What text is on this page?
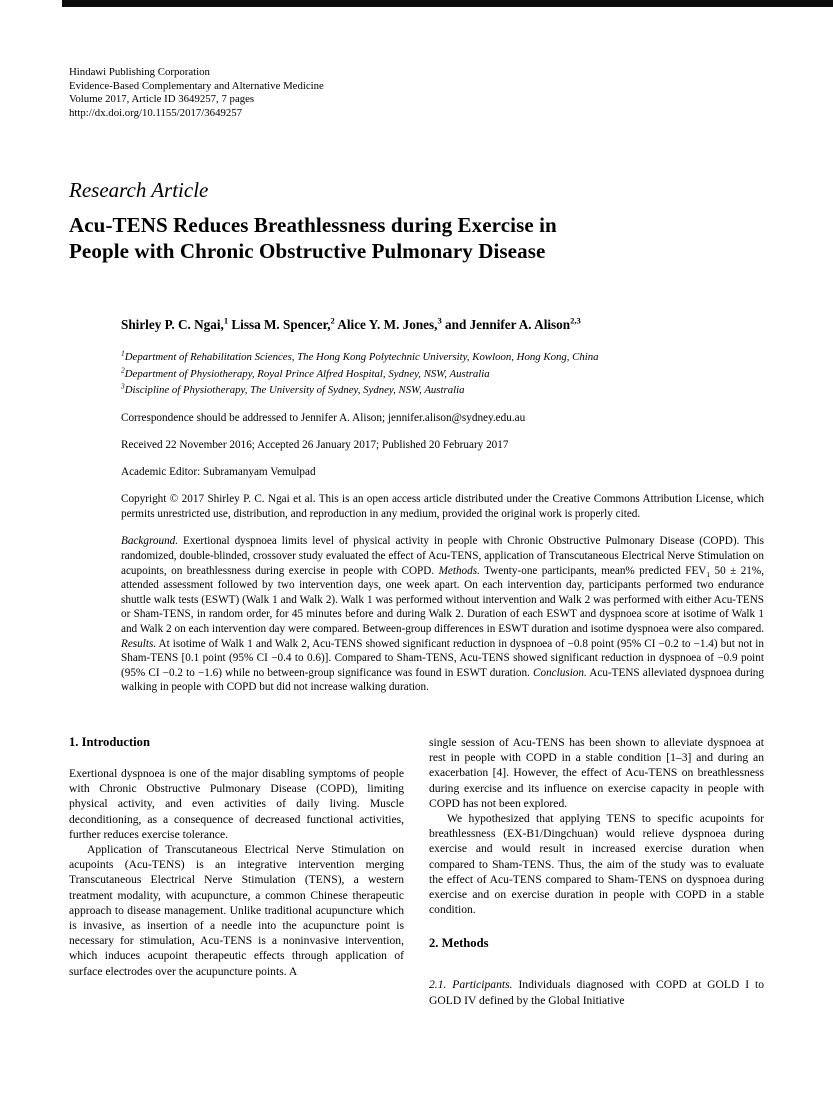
Hindawi Publishing Corporation
Evidence-Based Complementary and Alternative Medicine
Volume 2017, Article ID 3649257, 7 pages
http://dx.doi.org/10.1155/2017/3649257
Research Article
Acu-TENS Reduces Breathlessness during Exercise in
People with Chronic Obstructive Pulmonary Disease

Shirley P. C. Ngai,$^1$ Lissa M. Spencer,$^2$ Alice Y. M. Jones,$^3$ and Jennifer A. Alison$^{2,3}$

$^1$Department of Rehabilitation Sciences, The Hong Kong Polytechnic University, Kowloon, Hong Kong, China

$^2$Department of Physiotherapy, Royal Prince Alfred Hospital, Sydney, NSW, Australia

$^3$Discipline of Physiotherapy, The University of Sydney, Sydney, NSW, Australia

Correspondence should be addressed to Jennifer A. Alison; jennifer.alison@sydney.edu.au

Received 22 November 2016; Accepted 26 January 2017; Published 20 February 2017

Academic Editor: Subramanyam Vemulpad

Copyright © 2017 Shirley P. C. Ngai et al. This is an open access article distributed under the Creative Commons Attribution License, which permits unrestricted use, distribution, and reproduction in any medium, provided the original work is properly cited.

Background. Exertional dyspnoea limits level of physical activity in people with Chronic Obstructive Pulmonary Disease (COPD). This randomized, double-blinded, crossover study evaluated the effect of Acu-TENS, application of Transcutaneous Electrical Nerve Stimulation on acupoints, on breathlessness during exercise in people with COPD. Methods. Twenty-one participants, mean% predicted $FEV_1$ 50 ± 21%, attended assessment followed by two intervention days, one week apart. On each intervention day, participants performed two endurance shuttle walk tests (ESWT) (Walk 1 and Walk 2). Walk 1 was performed without intervention and Walk 2 was performed with either Acu-TENS or Sham-TENS, in random order, for 45 minutes before and during Walk 2. Duration of each ESWT and dyspnoea score at isotime of Walk 1 and Walk 2 on each intervention day were compared. Between-group differences in ESWT duration and isotime dyspnoea were also compared. Results. At isotime of Walk 1 and Walk 2, Acu-TENS showed significant reduction in dyspnoea of −0.8 point (95% CI −0.2 to −1.4) but not in Sham-TENS [0.1 point (95% CI −0.4 to 0.6)]. Compared to Sham-TENS, Acu-TENS showed significant reduction in dyspnoea of −0.9 point (95% CI −0.2 to −1.6) while no between-group significance was found in ESWT duration. Conclusion. Acu-TENS alleviated dyspnoea during walking in people with COPD but did not increase walking duration.

1. Introduction

Exertional dyspnoea is one of the major disabling symptoms of people with Chronic Obstructive Pulmonary Disease (COPD), limiting physical activity, and even activities of daily living. Muscle deconditioning, as a consequence of decreased functional activities, further reduces exercise tolerance.

Application of Transcutaneous Electrical Nerve Stimulation on acupoints (Acu-TENS) is an integrative intervention merging Transcutaneous Electrical Nerve Stimulation (TENS), a western treatment modality, with acupuncture, a common Chinese therapeutic approach to disease management. Unlike traditional acupuncture which is invasive, as insertion of a needle into the acupuncture point is necessary for stimulation, Acu-TENS is a noninvasive intervention, which induces acupoint therapeutic effects through application of surface electrodes over the acupuncture points. A

single session of Acu-TENS has been shown to alleviate dyspnoea at rest in people with COPD in a stable condition [1–3] and during an exacerbation [4]. However, the effect of Acu-TENS on breathlessness during exercise and its influence on exercise capacity in people with COPD has not been explored.

We hypothesized that applying TENS to specific acupoints for breathlessness (EX-B1/Dingchuan) would relieve dyspnoea during exercise and would result in increased exercise duration when compared to Sham-TENS. Thus, the aim of the study was to evaluate the effect of Acu-TENS compared to Sham-TENS on dyspnoea during exercise and on exercise duration in people with COPD in a stable condition.

2. Methods

2.1. Participants. Individuals diagnosed with COPD at GOLD I to GOLD IV defined by the Global Initiative
